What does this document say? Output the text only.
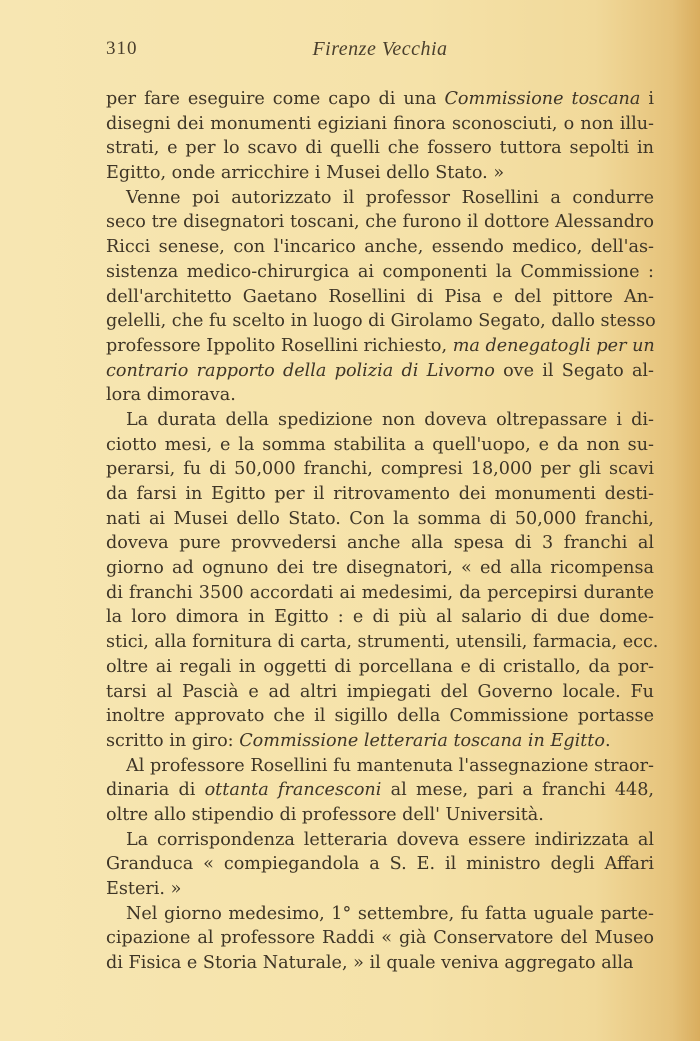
310	Firenze Vecchia
per fare eseguire come capo di una Commissione toscana i
disegni dei monumenti egiziani finora sconosciuti, o non illu-
strati, e per lo scavo di quelli che fossero tuttora sepolti in
Egitto, onde arricchire i Musei dello Stato. »
Venne poi autorizzato il professor Rosellini a condurre
seco tre disegnatori toscani, che furono il dottore Alessandro
Ricci senese, con l'incarico anche, essendo medico, dell'as-
sistenza medico-chirurgica ai componenti la Commissione :
dell'architetto Gaetano Rosellini di Pisa e del pittore An-
gelelli, che fu scelto in luogo di Girolamo Segato, dallo stesso
professore Ippolito Rosellini richiesto, ma denegatogli per un
contrario rapporto della polizia di Livorno ove il Segato al-
lora dimorava.
La durata della spedizione non doveva oltrepassare i di-
ciotto mesi, e la somma stabilita a quell'uopo, e da non su-
perarsi, fu di 50,000 franchi, compresi 18,000 per gli scavi
da farsi in Egitto per il ritrovamento dei monumenti desti-
nati ai Musei dello Stato. Con la somma di 50,000 franchi,
doveva pure provvedersi anche alla spesa di 3 franchi al
giorno ad ognuno dei tre disegnatori, « ed alla ricompensa
di franchi 3500 accordati ai medesimi, da percepirsi durante
la loro dimora in Egitto : e di più al salario di due dome-
stici, alla fornitura di carta, strumenti, utensili, farmacia, ecc.
oltre ai regali in oggetti di porcellana e di cristallo, da por-
tarsi al Pascià e ad altri impiegati del Governo locale. Fu
inoltre approvato che il sigillo della Commissione portasse
scritto in giro: Commissione letteraria toscana in Egitto.
Al professore Rosellini fu mantenuta l'assegnazione straor-
dinaria di ottanta francesconi al mese, pari a franchi 448,
oltre allo stipendio di professore dell' Università.
La corrispondenza letteraria doveva essere indirizzata al
Granduca « compiegandola a S. E. il ministro degli Affari
Esteri. »
Nel giorno medesimo, 1° settembre, fu fatta uguale parte-
cipazione al professore Raddi « già Conservatore del Museo
di Fisica e Storia Naturale, » il quale veniva aggregato alla
